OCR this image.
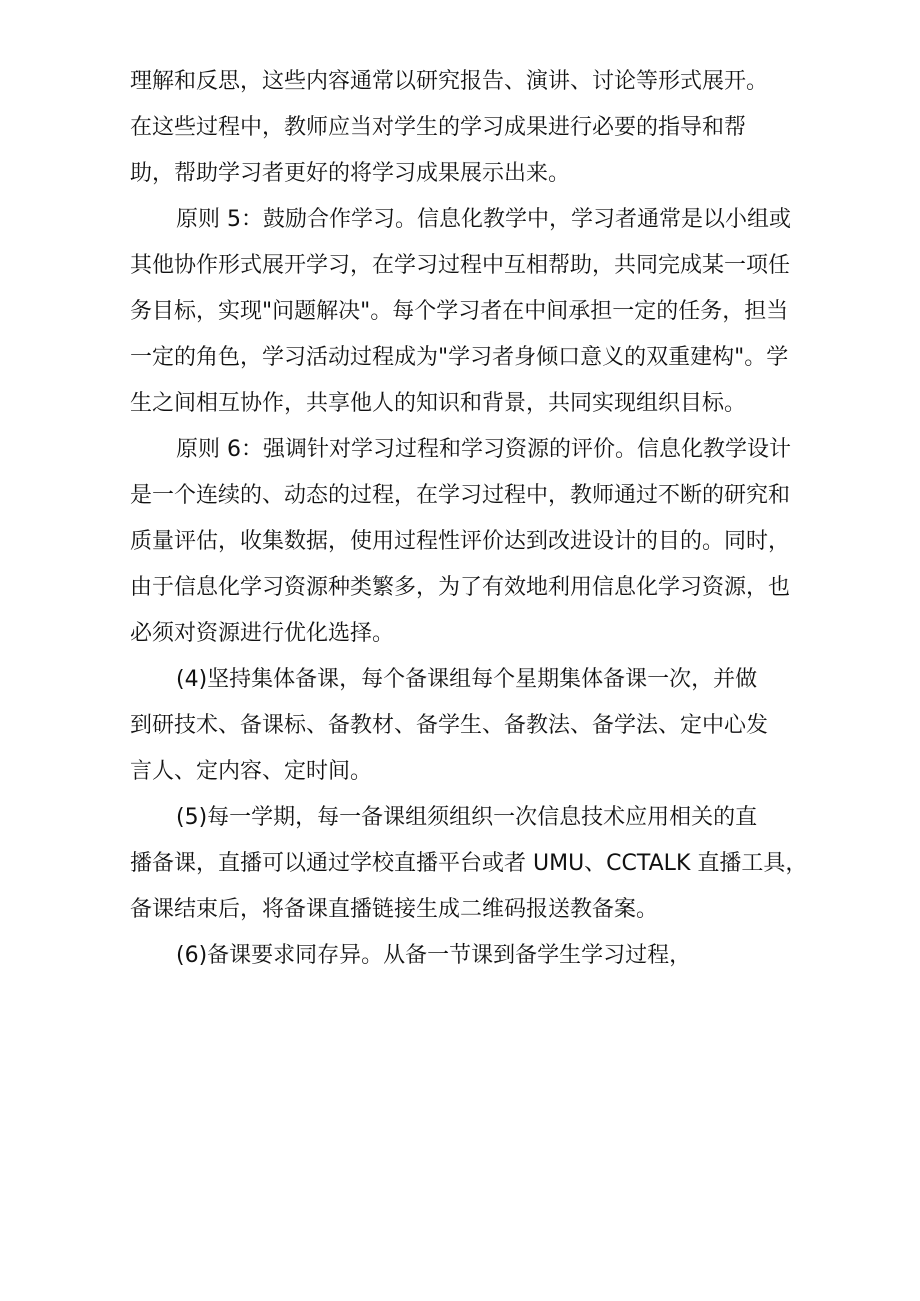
理解和反思，这些内容通常以研究报告、演讲、讨论等形式展开。
在这些过程中，教师应当对学生的学习成果进行必要的指导和帮
助，帮助学习者更好的将学习成果展示出来。
原则 5：鼓励合作学习。信息化教学中，学习者通常是以小组或
其他协作形式展开学习，在学习过程中互相帮助，共同完成某一项任
务目标，实现"问题解决"。每个学习者在中间承担一定的任务，担当
一定的角色，学习活动过程成为"学习者身倾口意义的双重建构"。学
生之间相互协作，共享他人的知识和背景，共同实现组织目标。
原则 6：强调针对学习过程和学习资源的评价。信息化教学设计
是一个连续的、动态的过程，在学习过程中，教师通过不断的研究和
质量评估，收集数据，使用过程性评价达到改进设计的目的。同时，
由于信息化学习资源种类繁多，为了有效地利用信息化学习资源，也
必须对资源进行优化选择。
(4)坚持集体备课，每个备课组每个星期集体备课一次，并做
到研技术、备课标、备教材、备学生、备教法、备学法、定中心发
言人、定内容、定时间。
(5)每一学期，每一备课组须组织一次信息技术应用相关的直
播备课，直播可以通过学校直播平台或者 UMU、CCTALK 直播工具，
备课结束后，将备课直播链接生成二维码报送教备案。
(6)备课要求同存异。从备一节课到备学生学习过程，
